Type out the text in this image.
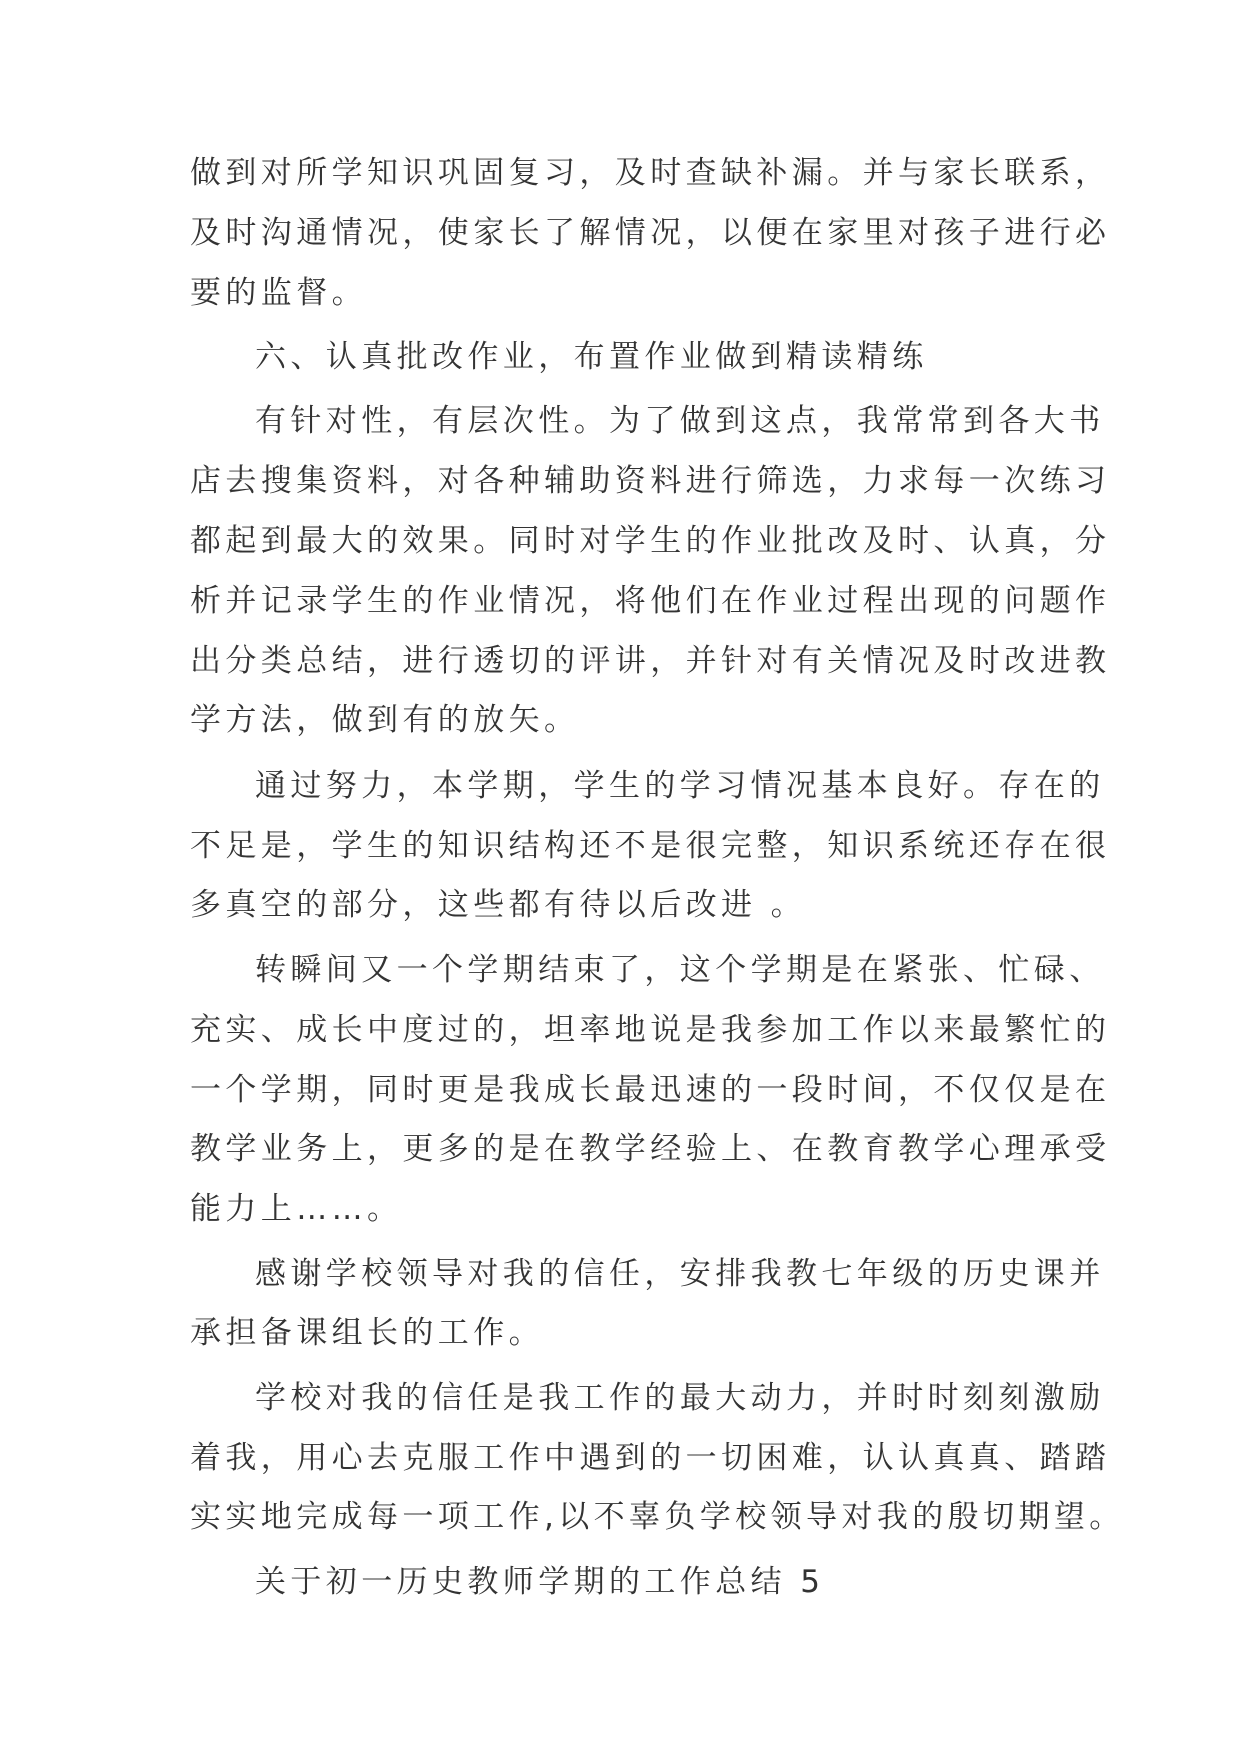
做到对所学知识巩固复习，及时查缺补漏。并与家长联系，
及时沟通情况，使家长了解情况，以便在家里对孩子进行必
要的监督。
六、认真批改作业，布置作业做到精读精练
有针对性，有层次性。为了做到这点，我常常到各大书
店去搜集资料，对各种辅助资料进行筛选，力求每一次练习
都起到最大的效果。同时对学生的作业批改及时、认真，分
析并记录学生的作业情况，将他们在作业过程出现的问题作
出分类总结，进行透切的评讲，并针对有关情况及时改进教
学方法，做到有的放矢。
通过努力，本学期，学生的学习情况基本良好。存在的
不足是，学生的知识结构还不是很完整，知识系统还存在很
多真空的部分，这些都有待以后改进 。
转瞬间又一个学期结束了，这个学期是在紧张、忙碌、
充实、成长中度过的，坦率地说是我参加工作以来最繁忙的
一个学期，同时更是我成长最迅速的一段时间，不仅仅是在
教学业务上，更多的是在教学经验上、在教育教学心理承受
能力上……。
感谢学校领导对我的信任，安排我教七年级的历史课并
承担备课组长的工作。
学校对我的信任是我工作的最大动力，并时时刻刻激励
着我，用心去克服工作中遇到的一切困难，认认真真、踏踏
实实地完成每一项工作,以不辜负学校领导对我的殷切期望。
关于初一历史教师学期的工作总结 5
